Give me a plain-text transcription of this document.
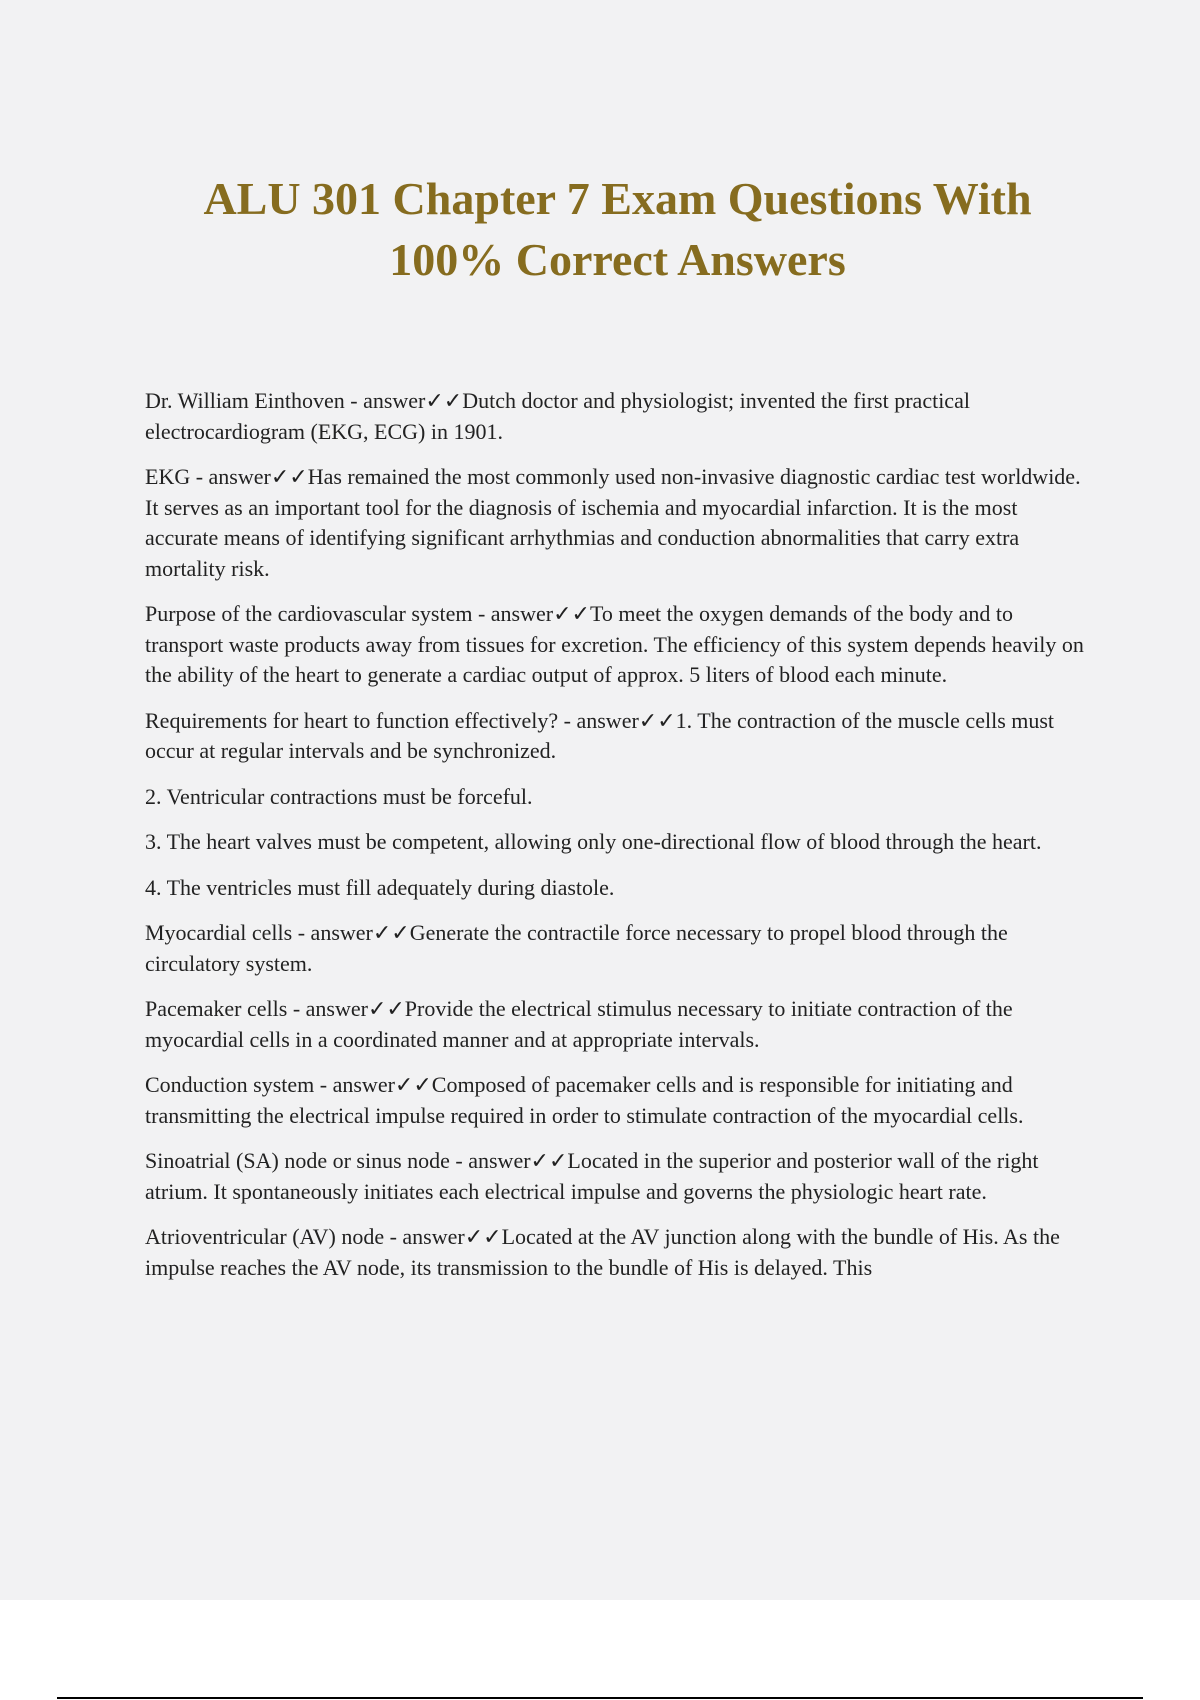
ALU 301 Chapter 7 Exam Questions With
100% Correct Answers

Dr. William Einthoven - answer✓✓Dutch doctor and physiologist; invented the first practical electrocardiogram (EKG, ECG) in 1901.

EKG - answer✓✓Has remained the most commonly used non-invasive diagnostic cardiac test worldwide. It serves as an important tool for the diagnosis of ischemia and myocardial infarction. It is the most accurate means of identifying significant arrhythmias and conduction abnormalities that carry extra mortality risk.

Purpose of the cardiovascular system - answer✓✓To meet the oxygen demands of the body and to transport waste products away from tissues for excretion. The efficiency of this system depends heavily on the ability of the heart to generate a cardiac output of approx. 5 liters of blood each minute.

Requirements for heart to function effectively? - answer✓✓1. The contraction of the muscle cells must occur at regular intervals and be synchronized.

2. Ventricular contractions must be forceful.

3. The heart valves must be competent, allowing only one-directional flow of blood through the heart.

4. The ventricles must fill adequately during diastole.

Myocardial cells - answer✓✓Generate the contractile force necessary to propel blood through the circulatory system.

Pacemaker cells - answer✓✓Provide the electrical stimulus necessary to initiate contraction of the myocardial cells in a coordinated manner and at appropriate intervals.

Conduction system - answer✓✓Composed of pacemaker cells and is responsible for initiating and transmitting the electrical impulse required in order to stimulate contraction of the myocardial cells.

Sinoatrial (SA) node or sinus node - answer✓✓Located in the superior and posterior wall of the right atrium. It spontaneously initiates each electrical impulse and governs the physiologic heart rate.

Atrioventricular (AV) node - answer✓✓Located at the AV junction along with the bundle of His. As the impulse reaches the AV node, its transmission to the bundle of His is delayed. This
